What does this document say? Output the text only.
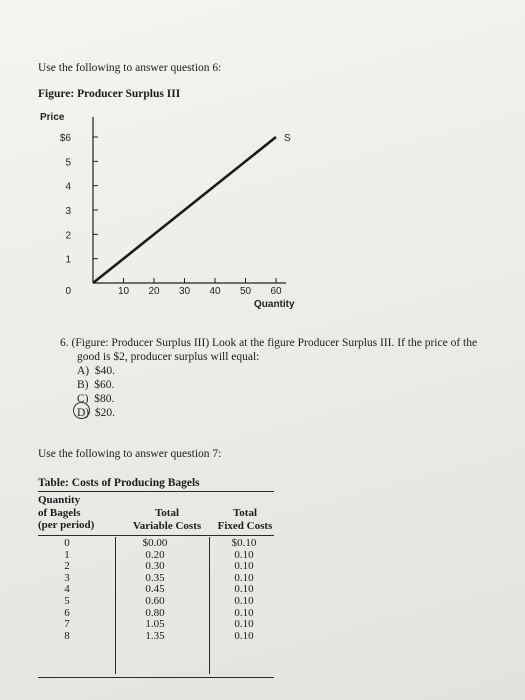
Use the following to answer question 6:
Figure: Producer Surplus III
$6
5
4
3
2
1
0	10 20 30 40 50 60
Price
Quantity
S
6. (Figure: Producer Surplus III) Look at the figure Producer Surplus III. If the price of the
good is $2, producer surplus will equal:
A) $40.
B) $60.
C) $80.
D) $20.
Use the following to answer question 7:
Table: Costs of Producing Bagels
Quantity
of Bagels
(per period)
Total
Variable Costs
Total
Fixed Costs
0
1
2
3
4
5
6
7
8
$0.00
0.20
0.30
0.35
0.45
0.60
0.80
1.05
1.35
$0.10
0.10
0.10
0.10
0.10
0.10
0.10
0.10
0.10
